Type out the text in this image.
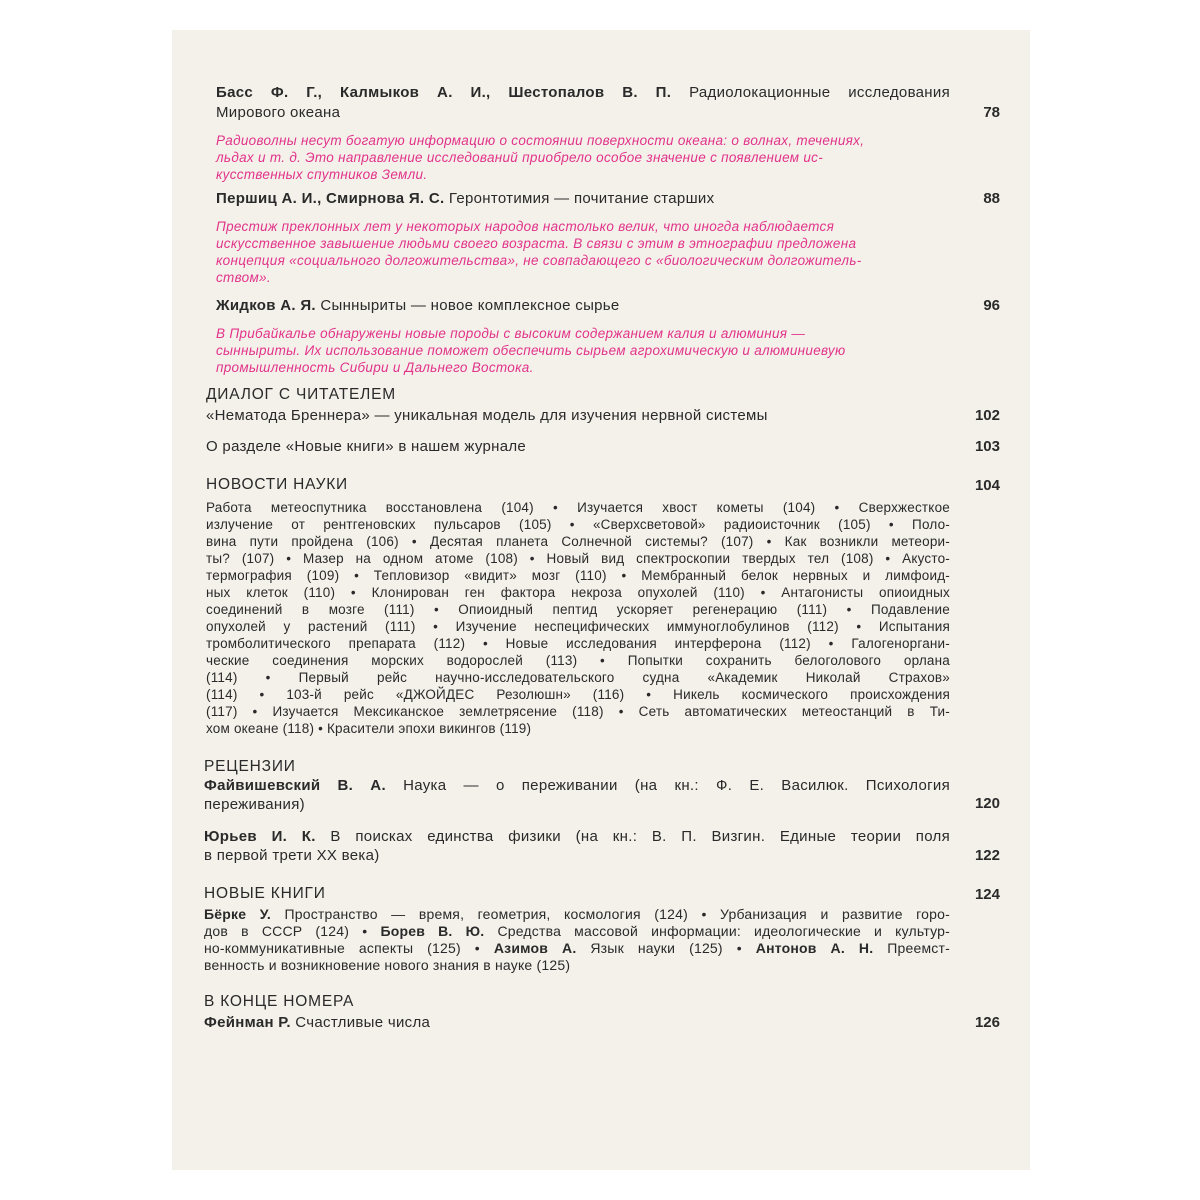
Басс Ф. Г., Калмыков А. И., Шестопалов В. П. Радиолокационные исследования
Мирового океана	78
Радиоволны несут богатую информацию о состоянии поверхности океана: о волнах, течениях,
льдах и т. д. Это направление исследований приобрело особое значение с появлением ис-
кусственных спутников Земли.
Першиц А. И., Смирнова Я. С. Геронтотимия — почитание старших	88
Престиж преклонных лет у некоторых народов настолько велик, что иногда наблюдается
искусственное завышение людьми своего возраста. В связи с этим в этнографии предложена
концепция «социального долгожительства», не совпадающего с «биологическим долгожитель-
ством».
Жидков А. Я. Сынныриты — новое комплексное сырье	96
В Прибайкалье обнаружены новые породы с высоким содержанием калия и алюминия —
сынныриты. Их использование поможет обеспечить сырьем агрохимическую и алюминиевую
промышленность Сибири и Дальнего Востока.
ДИАЛОГ С ЧИТАТЕЛЕМ
«Нематода Бреннера» — уникальная модель для изучения нервной системы	102
О разделе «Новые книги» в нашем журнале	103
НОВОСТИ НАУКИ	104
Работа метеоспутника восстановлена (104) • Изучается хвост кометы (104) • Сверхжесткое
излучение от рентгеновских пульсаров (105) • «Сверхсветовой» радиоисточник (105) • Поло-
вина пути пройдена (106) • Десятая планета Солнечной системы? (107) • Как возникли метеори-
ты? (107) • Мазер на одном атоме (108) • Новый вид спектроскопии твердых тел (108) • Акусто-
термография (109) • Тепловизор «видит» мозг (110) • Мембранный белок нервных и лимфоид-
ных клеток (110) • Клонирован ген фактора некроза опухолей (110) • Антагонисты опиоидных
соединений в мозге (111) • Опиоидный пептид ускоряет регенерацию (111) • Подавление
опухолей у растений (111) • Изучение неспецифических иммуноглобулинов (112) • Испытания
тромболитического препарата (112) • Новые исследования интерферона (112) • Галогеноргани-
ческие соединения морских водорослей (113) • Попытки сохранить белоголового орлана
(114) • Первый рейс научно-исследовательского судна «Академик Николай Страхов»
(114) • 103-й рейс «ДЖОЙДЕС Резолюшн» (116) • Никель космического происхождения
(117) • Изучается Мексиканское землетрясение (118) • Сеть автоматических метеостанций в Ти-
хом океане (118) • Красители эпохи викингов (119)
РЕЦЕНЗИИ
Файвишевский В. А. Наука — о переживании (на кн.: Ф. Е. Василюк. Психология
переживания)	120
Юрьев И. К. В поисках единства физики (на кн.: В. П. Визгин. Единые теории поля
в первой трети XX века)	122
НОВЫЕ КНИГИ	124
Бёрке У. Пространство — время, геометрия, космология (124) • Урбанизация и развитие горо-
дов в СССР (124) • Борев В. Ю. Средства массовой информации: идеологические и культур-
но-коммуникативные аспекты (125) • Азимов А. Язык науки (125) • Антонов А. Н. Преемст-
венность и возникновение нового знания в науке (125)
В КОНЦЕ НОМЕРА
Фейнман Р. Счастливые числа	126
